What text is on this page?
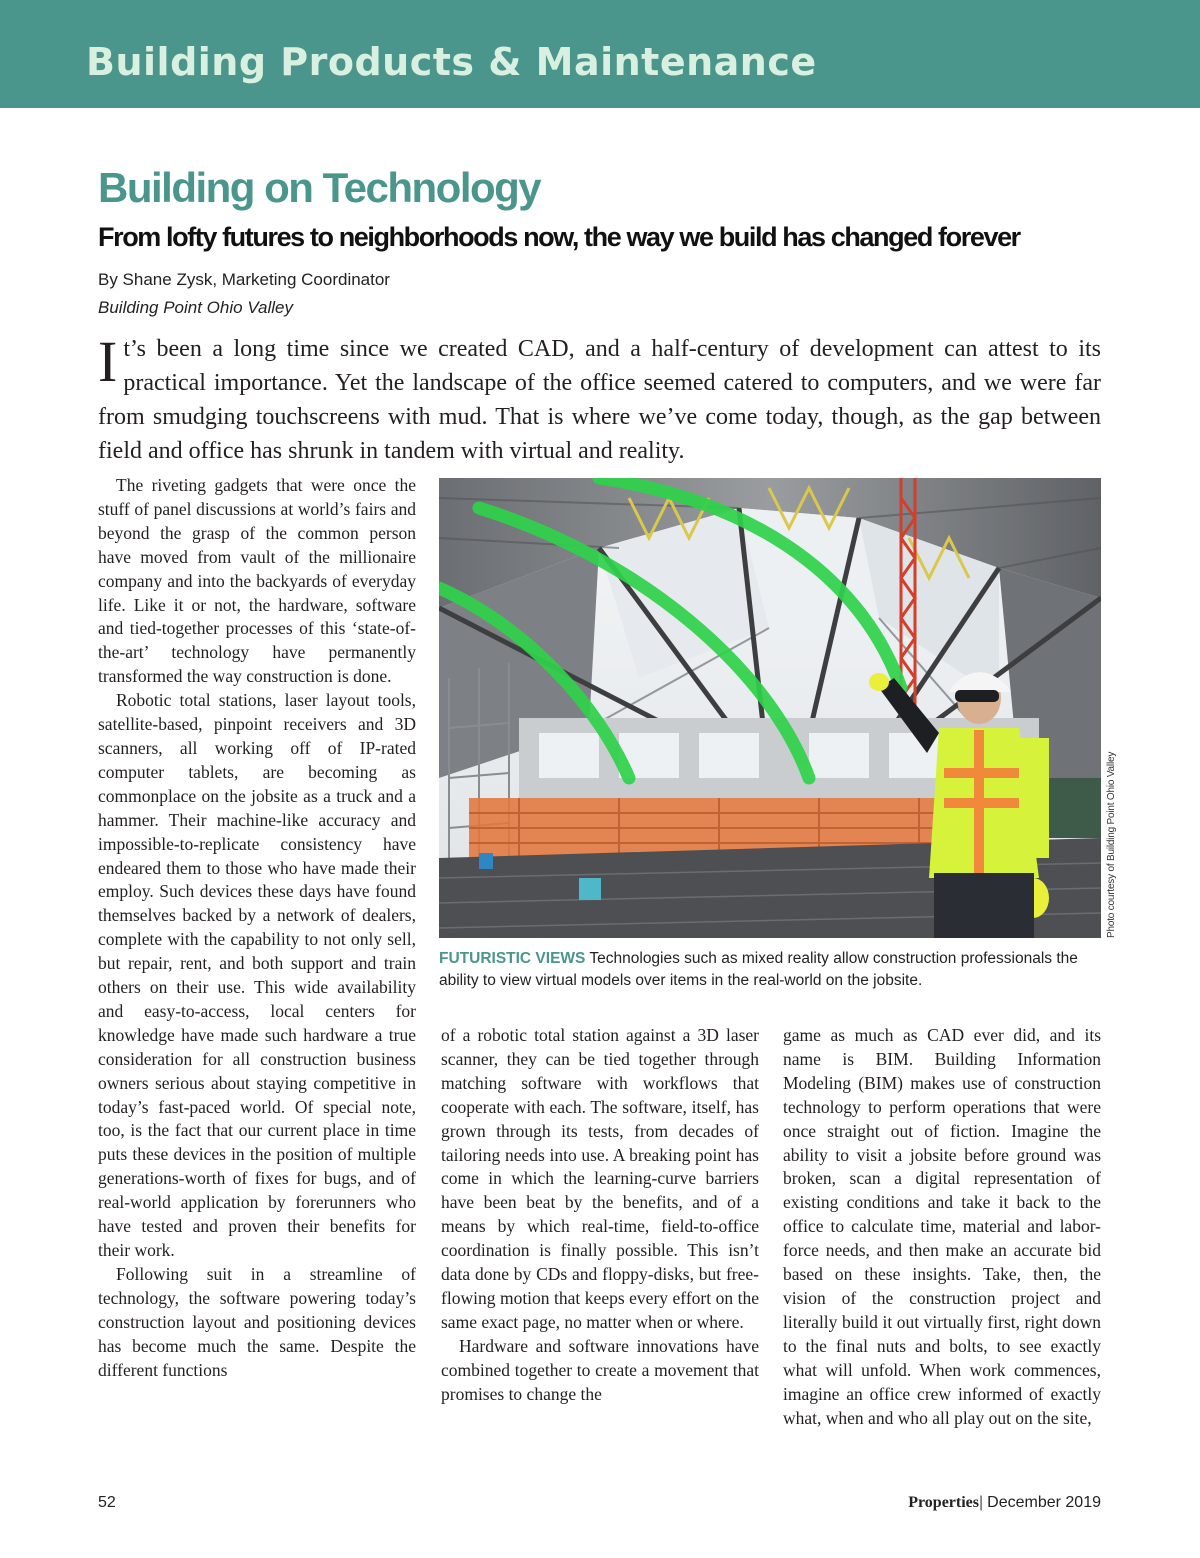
Building Products & Maintenance
Building on Technology
From lofty futures to neighborhoods now, the way we build has changed forever
By Shane Zysk, Marketing Coordinator
Building Point Ohio Valley
It’s been a long time since we created CAD, and a half-century of development can attest to its practical importance. Yet the landscape of the office seemed catered to computers, and we were far from smudging touchscreens with mud. That is where we’ve come today, though, as the gap between field and office has shrunk in tandem with virtual and reality.

The riveting gadgets that were once the stuff of panel discussions at world’s fairs and beyond the grasp of the common person have moved from vault of the millionaire company and into the backyards of everyday life. Like it or not, the hardware, software and tied-together processes of this ‘state-of-the-art’ technology have permanently transformed the way construction is done.

Robotic total stations, laser layout tools, satellite-based, pinpoint receivers and 3D scanners, all working off of IP-rated computer tablets, are becoming as commonplace on the jobsite as a truck and a hammer. Their machine-like accuracy and impossible-to-replicate consistency have endeared them to those who have made their employ. Such devices these days have found themselves backed by a network of dealers, complete with the capability to not only sell, but repair, rent, and both support and train others on their use. This wide availability and easy-to-access, local centers for knowledge have made such hardware a true consideration for all construction business owners serious about staying competitive in today’s fast-paced world. Of special note, too, is the fact that our current place in time puts these devices in the position of multiple generations-worth of fixes for bugs, and of real-world application by forerunners who have tested and proven their benefits for their work.

Following suit in a streamline of technology, the software powering today’s construction layout and positioning devices has become much the same. Despite the different functions

Photo courtesy of Building Point Ohio Valley
FUTURISTIC VIEWS Technologies such as mixed reality allow construction professionals the ability to view virtual models over items in the real-world on the jobsite.

of a robotic total station against a 3D laser scanner, they can be tied together through matching software with workflows that cooperate with each. The software, itself, has grown through its tests, from decades of tailoring needs into use. A breaking point has come in which the learning-curve barriers have been beat by the benefits, and of a means by which real-time, field-to-office coordination is finally possible. This isn’t data done by CDs and floppy-disks, but free-flowing motion that keeps every effort on the same exact page, no matter when or where.

Hardware and software innovations have combined together to create a movement that promises to change the

game as much as CAD ever did, and its name is BIM. Building Information Modeling (BIM) makes use of construction technology to perform operations that were once straight out of fiction. Imagine the ability to visit a jobsite before ground was broken, scan a digital representation of existing conditions and take it back to the office to calculate time, material and labor-force needs, and then make an accurate bid based on these insights. Take, then, the vision of the construction project and literally build it out virtually first, right down to the final nuts and bolts, to see exactly what will unfold. When work commences, imagine an office crew informed of exactly what, when and who all play out on the site,

52	Properties| December 2019
